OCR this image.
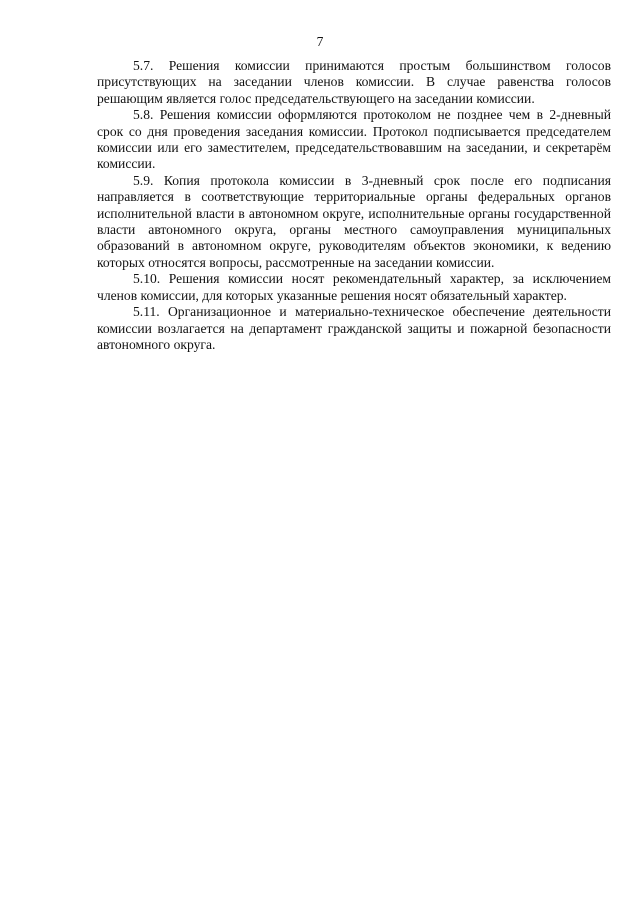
7

5.7. Решения комиссии принимаются простым большинством голосов присутствующих на заседании членов комиссии. В случае равенства голосов решающим является голос председательствующего на заседании комиссии.

5.8. Решения комиссии оформляются протоколом не позднее чем в 2-дневный срок со дня проведения заседания комиссии. Протокол подписывается председателем комиссии или его заместителем, председательствовавшим на заседании, и секретарём комиссии.

5.9. Копия протокола комиссии в 3-дневный срок после его подписания направляется в соответствующие территориальные органы федеральных органов исполнительной власти в автономном округе, исполнительные органы государственной власти автономного округа, органы местного самоуправления муниципальных образований в автономном округе, руководителям объектов экономики, к ведению которых относятся вопросы, рассмотренные на заседании комиссии.

5.10. Решения комиссии носят рекомендательный характер, за исключением членов комиссии, для которых указанные решения носят обязательный характер.

5.11. Организационное и материально-техническое обеспечение деятельности комиссии возлагается на департамент гражданской защиты и пожарной безопасности автономного округа.
